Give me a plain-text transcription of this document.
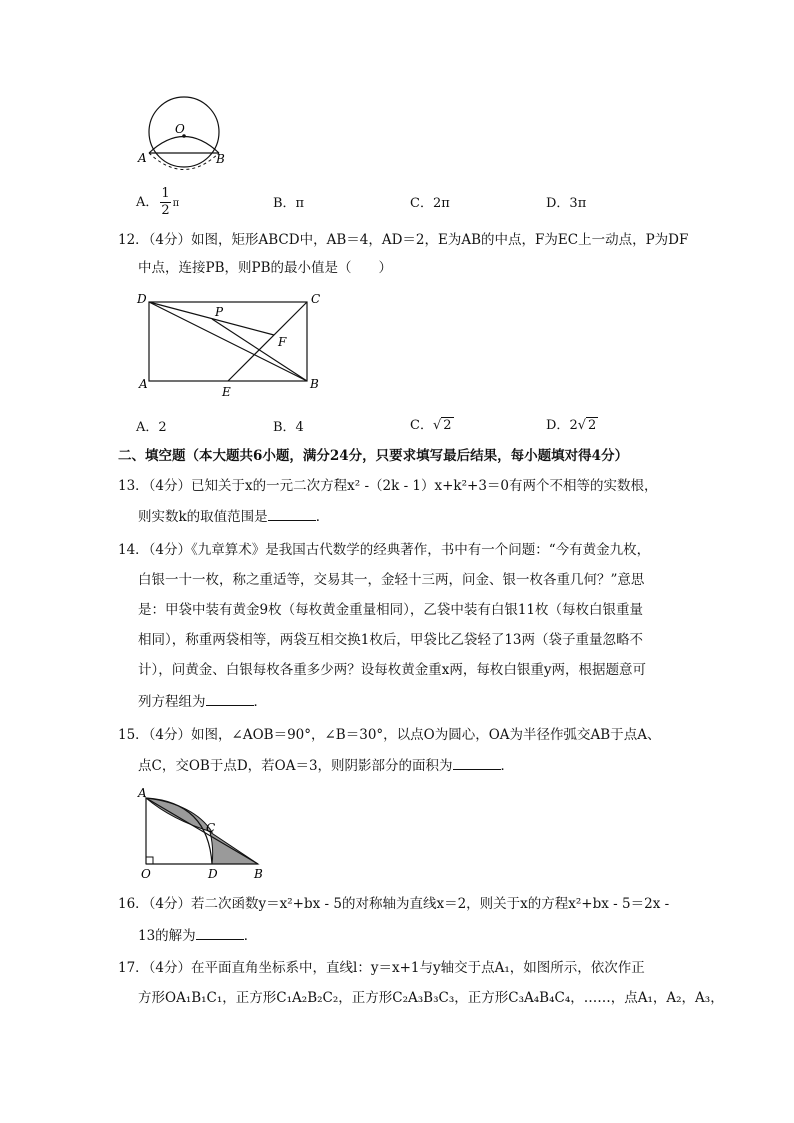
O
A	B
A． $\frac{1}{2}$ π	B．π	C．2π	D．3π
12．（4分）如图，矩形ABCD中，AB＝4，AD＝2，E为AB的中点，F为EC上一动点，P为DF
中点，连接PB，则PB的最小值是（　　）
D	C
P
F
A
E
B
A．2	B．4	C．√ 2	D．2√ 2
二、填空题（本大题共6小题，满分24分，只要求填写最后结果，每小题填对得4分）
13．（4分）已知关于x的一元二次方程x² -（2k - 1）x+k²+3＝0有两个不相等的实数根，
则实数k的取值范围是	．
14．（4分）《九章算术》是我国古代数学的经典著作，书中有一个问题：“今有黄金九枚，
白银一十一枚，称之重适等，交易其一，金轻十三两，问金、银一枚各重几何？”意思
是：甲袋中装有黄金9枚（每枚黄金重量相同），乙袋中装有白银11枚（每枚白银重量
相同），称重两袋相等，两袋互相交换1枚后，甲袋比乙袋轻了13两（袋子重量忽略不
计），问黄金、白银每枚各重多少两？设每枚黄金重x两，每枚白银重y两，根据题意可
列方程组为	．
15．（4分）如图，∠AOB＝90°，∠B＝30°，以点O为圆心，OA为半径作弧交AB于点A、
点C，交OB于点D，若OA＝3，则阴影部分的面积为	．
A
C
O	D	B
16．（4分）若二次函数y＝x²+bx - 5的对称轴为直线x＝2，则关于x的方程x²+bx - 5＝2x -
13的解为	．
17．（4分）在平面直角坐标系中，直线l：y＝x+1与y轴交于点A₁，如图所示，依次作正
方形OA₁B₁C₁，正方形C₁A₂B₂C₂，正方形C₂A₃B₃C₃，正方形C₃A₄B₄C₄，……，点A₁，A₂，A₃，
